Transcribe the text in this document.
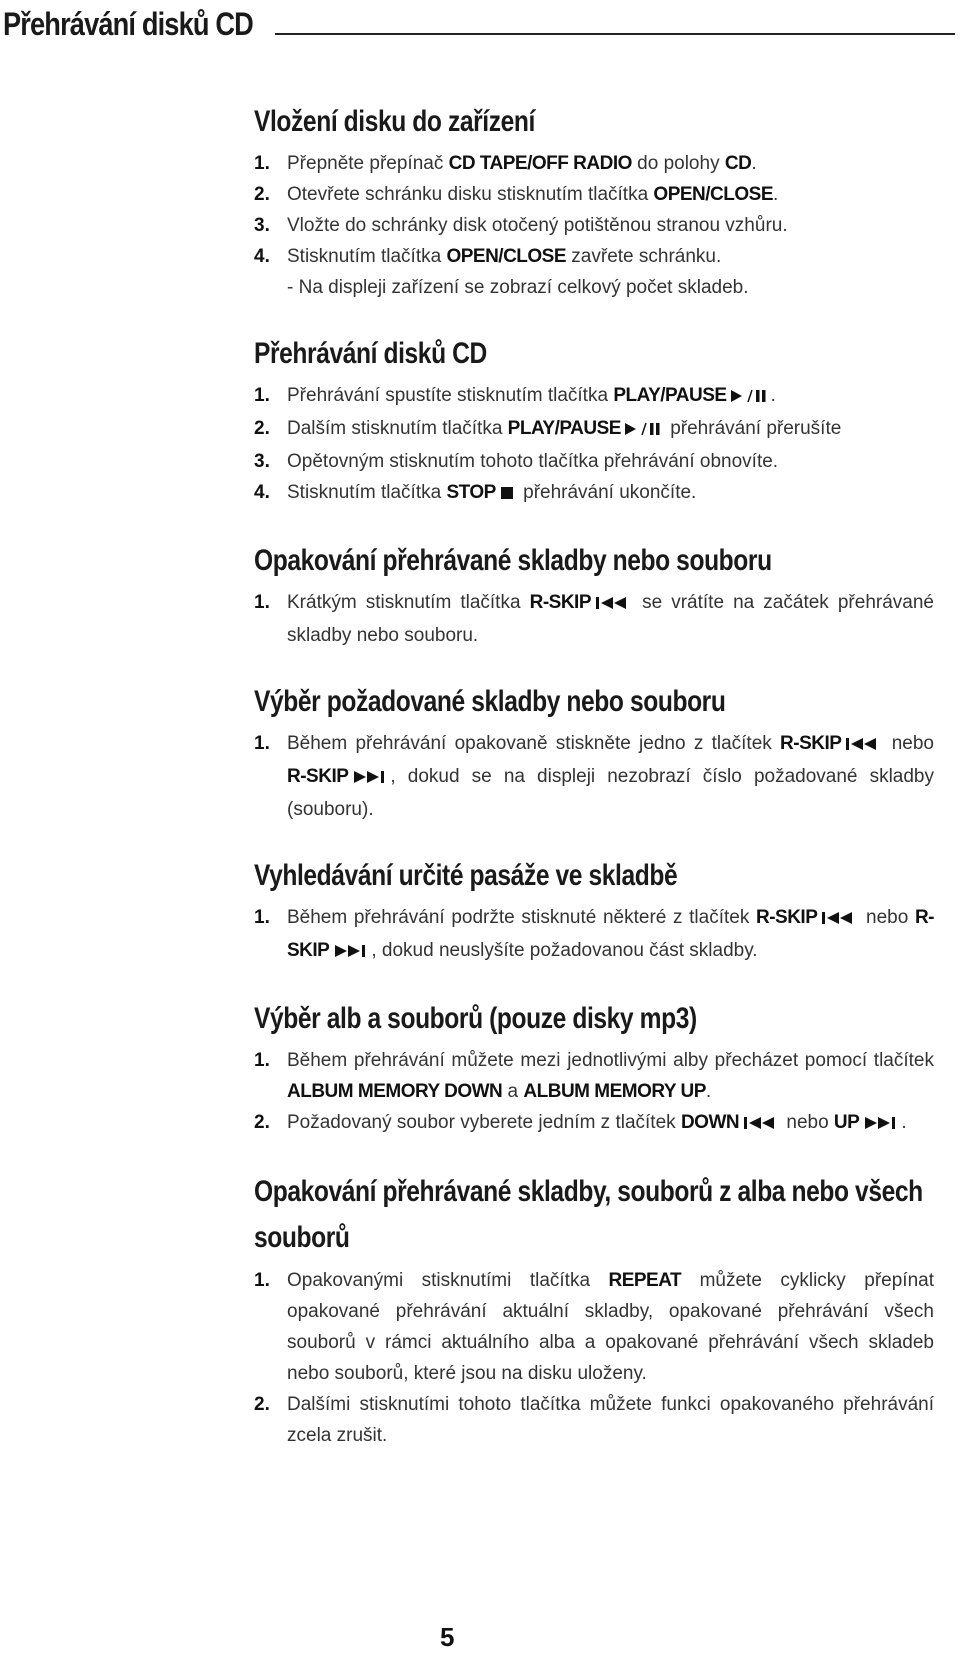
Přehrávání disků CD
Vložení disku do zařízení
1. Přepněte přepínač CD TAPE/OFF RADIO do polohy CD.
2. Otevřete schránku disku stisknutím tlačítka OPEN/CLOSE.
3. Vložte do schránky disk otočený potištěnou stranou vzhůru.
4. Stisknutím tlačítka OPEN/CLOSE zavřete schránku.
- Na displeji zařízení se zobrazí celkový počet skladeb.
Přehrávání disků CD
1. Přehrávání spustíte stisknutím tlačítka PLAY/PAUSE .
2. Dalším stisknutím tlačítka PLAY/PAUSE přehrávání přerušíte
3. Opětovným stisknutím tohoto tlačítka přehrávání obnovíte.
4. Stisknutím tlačítka STOP přehrávání ukončíte.
Opakování přehrávané skladby nebo souboru
1. Krátkým stisknutím tlačítka R-SKIP se vrátíte na začátek přehrávané skladby nebo souboru.
Výběr požadované skladby nebo souboru
1. Během přehrávání opakovaně stiskněte jedno z tlačítek R-SKIP nebo R-SKIP , dokud se na displeji nezobrazí číslo požadované skladby (souboru).
Vyhledávání určité pasáže ve skladbě
1. Během přehrávání podržte stisknuté některé z tlačítek R-SKIP nebo R-SKIP , dokud neuslyšíte požadovanou část skladby.
Výběr alb a souborů (pouze disky mp3)
1. Během přehrávání můžete mezi jednotlivými alby přecházet pomocí tlačítek ALBUM MEMORY DOWN a ALBUM MEMORY UP.
2. Požadovaný soubor vyberete jedním z tlačítek DOWN nebo UP .
Opakování přehrávané skladby, souborů z alba nebo všech souborů
1. Opakovanými stisknutími tlačítka REPEAT můžete cyklicky přepínat opakované přehrávání aktuální skladby, opakované přehrávání všech souborů v rámci aktuálního alba a opakované přehrávání všech skladeb nebo souborů, které jsou na disku uloženy.
2. Dalšími stisknutími tohoto tlačítka můžete funkci opakovaného přehrávání zcela zrušit.
5
